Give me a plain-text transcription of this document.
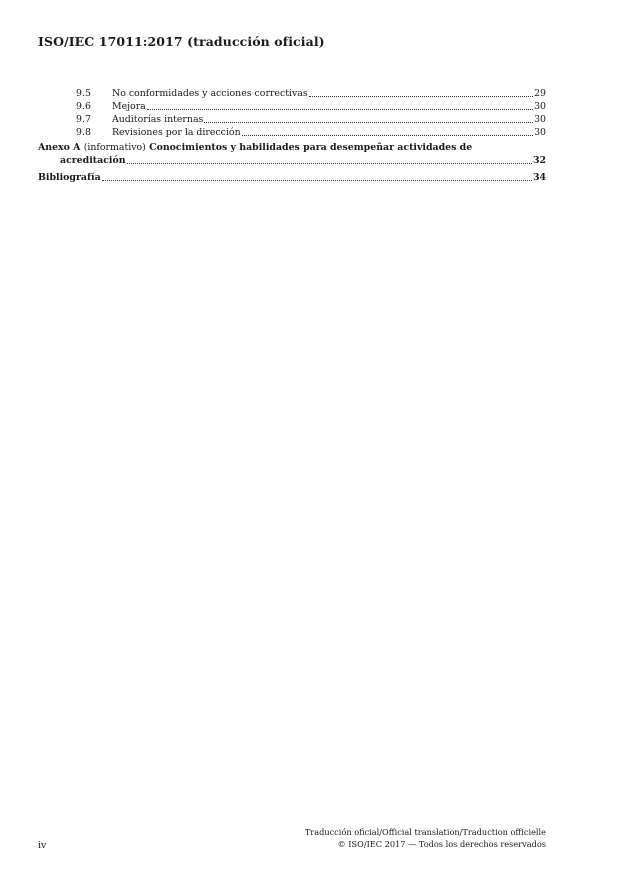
ISO/IEC 17011:2017 (traducción oficial)
9.5	No conformidades y acciones correctivas	29
9.6	Mejora	30
9.7	Auditorías internas	30
9.8	Revisiones por la dirección	30
Anexo A (informativo) Conocimientos y habilidades para desempeñar actividades de
acreditación	32
Bibliografía	34
iv
Traducción oficial/Official translation/Traduction officielle
© ISO/IEC 2017 — Todos los derechos reservados
